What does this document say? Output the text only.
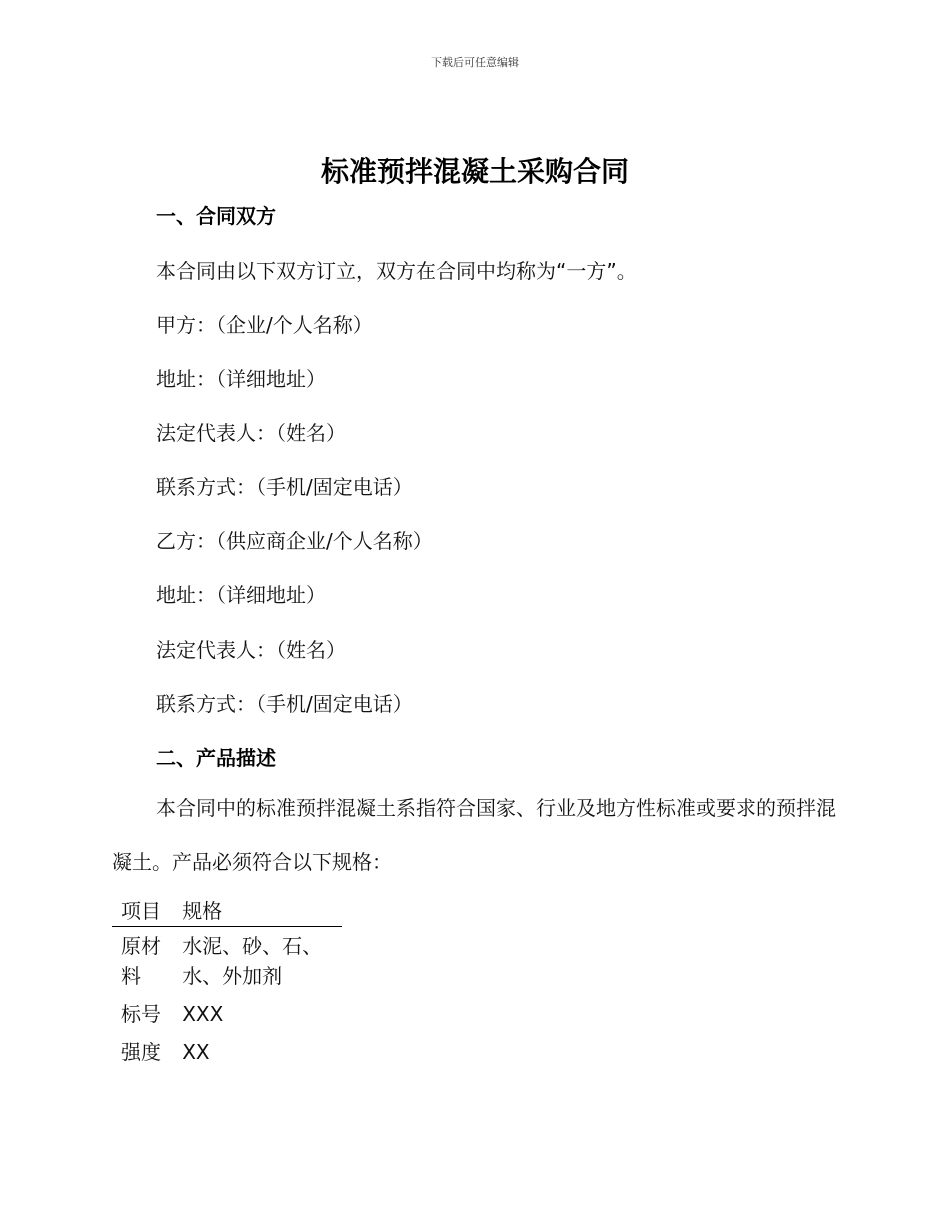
下载后可任意编辑
标准预拌混凝土采购合同
一、合同双方
本合同由以下双方订立，双方在合同中均称为“一方”。
甲方：（企业/个人名称）
地址：（详细地址）
法定代表人：（姓名）
联系方式：（手机/固定电话）
乙方：（供应商企业/个人名称）
地址：（详细地址）
法定代表人：（姓名）
联系方式：（手机/固定电话）
二、产品描述
本合同中的标准预拌混凝土系指符合国家、行业及地方性标准或要求的预拌混凝土。产品必须符合以下规格：
项目	规格
原材料	水泥、砂、石、水、外加剂
标号	XXX
强度	XX
